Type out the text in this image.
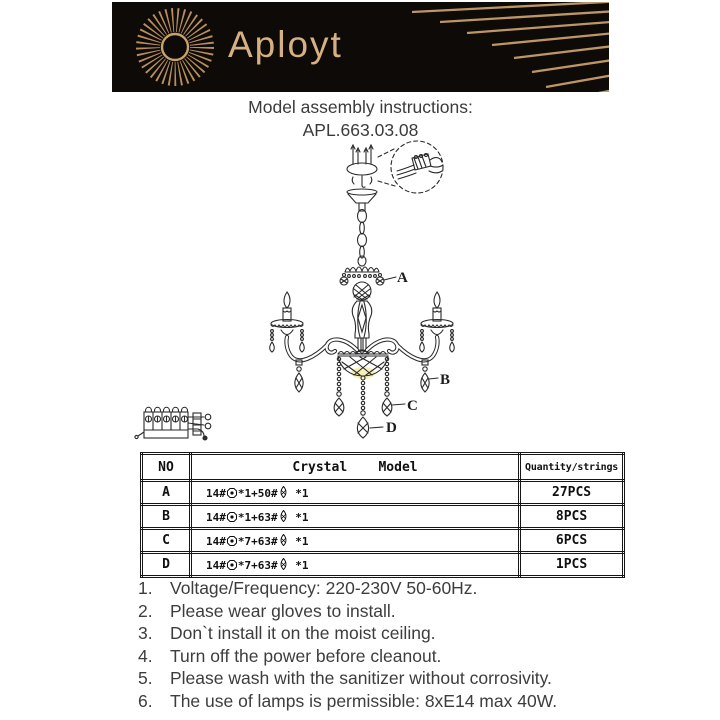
Aployt
Model assembly instructions:
APL.663.03.08
A
B
C
D
NO	Crystal    Model	Quantity/strings
A	14# *1+50# *1	27PCS
B	14# *1+63# *1	8PCS
C	14# *7+63# *1	6PCS
D	14# *7+63# *1	1PCS
1. Voltage/Frequency: 220-230V 50-60Hz.
2. Please wear gloves to install.
3. Don`t install it on the moist ceiling.
4. Turn off the power before cleanout.
5. Please wash with the sanitizer without corrosivity.
6. The use of lamps is permissible: 8xE14 max 40W.
